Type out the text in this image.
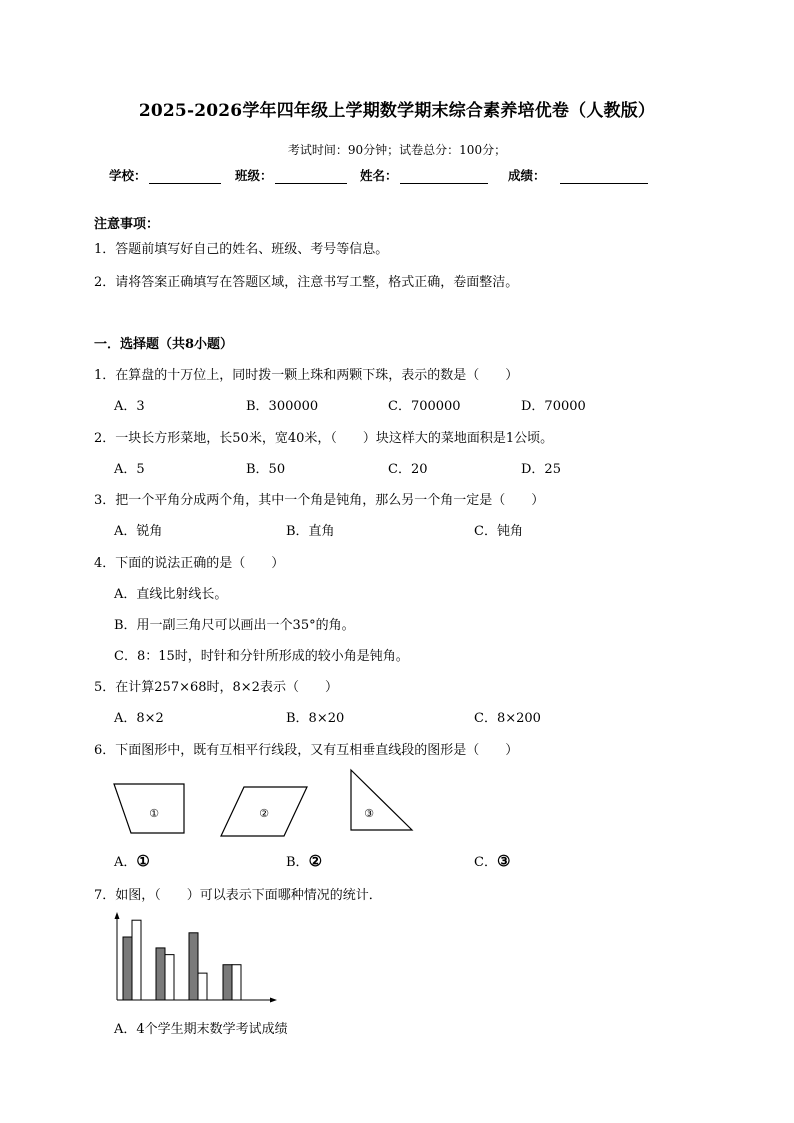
2025-2026学年四年级上学期数学期末综合素养培优卷（人教版）
考试时间：90分钟；试卷总分：100分；
学校：	班级：	姓名：	成绩：
注意事项：
1．答题前填写好自己的姓名、班级、考号等信息。
2．请将答案正确填写在答题区域，注意书写工整，格式正确，卷面整洁。
一．选择题（共8小题）
1．在算盘的十万位上，同时拨一颗上珠和两颗下珠，表示的数是（　　）
A．3	B．300000	C．700000	D．70000
2．一块长方形菜地，长50米，宽40米，（　　）块这样大的菜地面积是1公顷。
A．5	B．50	C．20	D．25
3．把一个平角分成两个角，其中一个角是钝角，那么另一个角一定是（　　）
A．锐角	B．直角	C．钝角
4．下面的说法正确的是（　　）
A．直线比射线长。
B．用一副三角尺可以画出一个35°的角。
C．8：15时，时针和分针所形成的较小角是钝角。
5．在计算257×68时，8×2表示（　　）
A．8×2	B．8×20	C．8×200
6．下面图形中，既有互相平行线段，又有互相垂直线段的图形是（　　）
①	②	③
A．①	B．②	C．③
7．如图，（　　）可以表示下面哪种情况的统计．
A．4个学生期末数学考试成绩
